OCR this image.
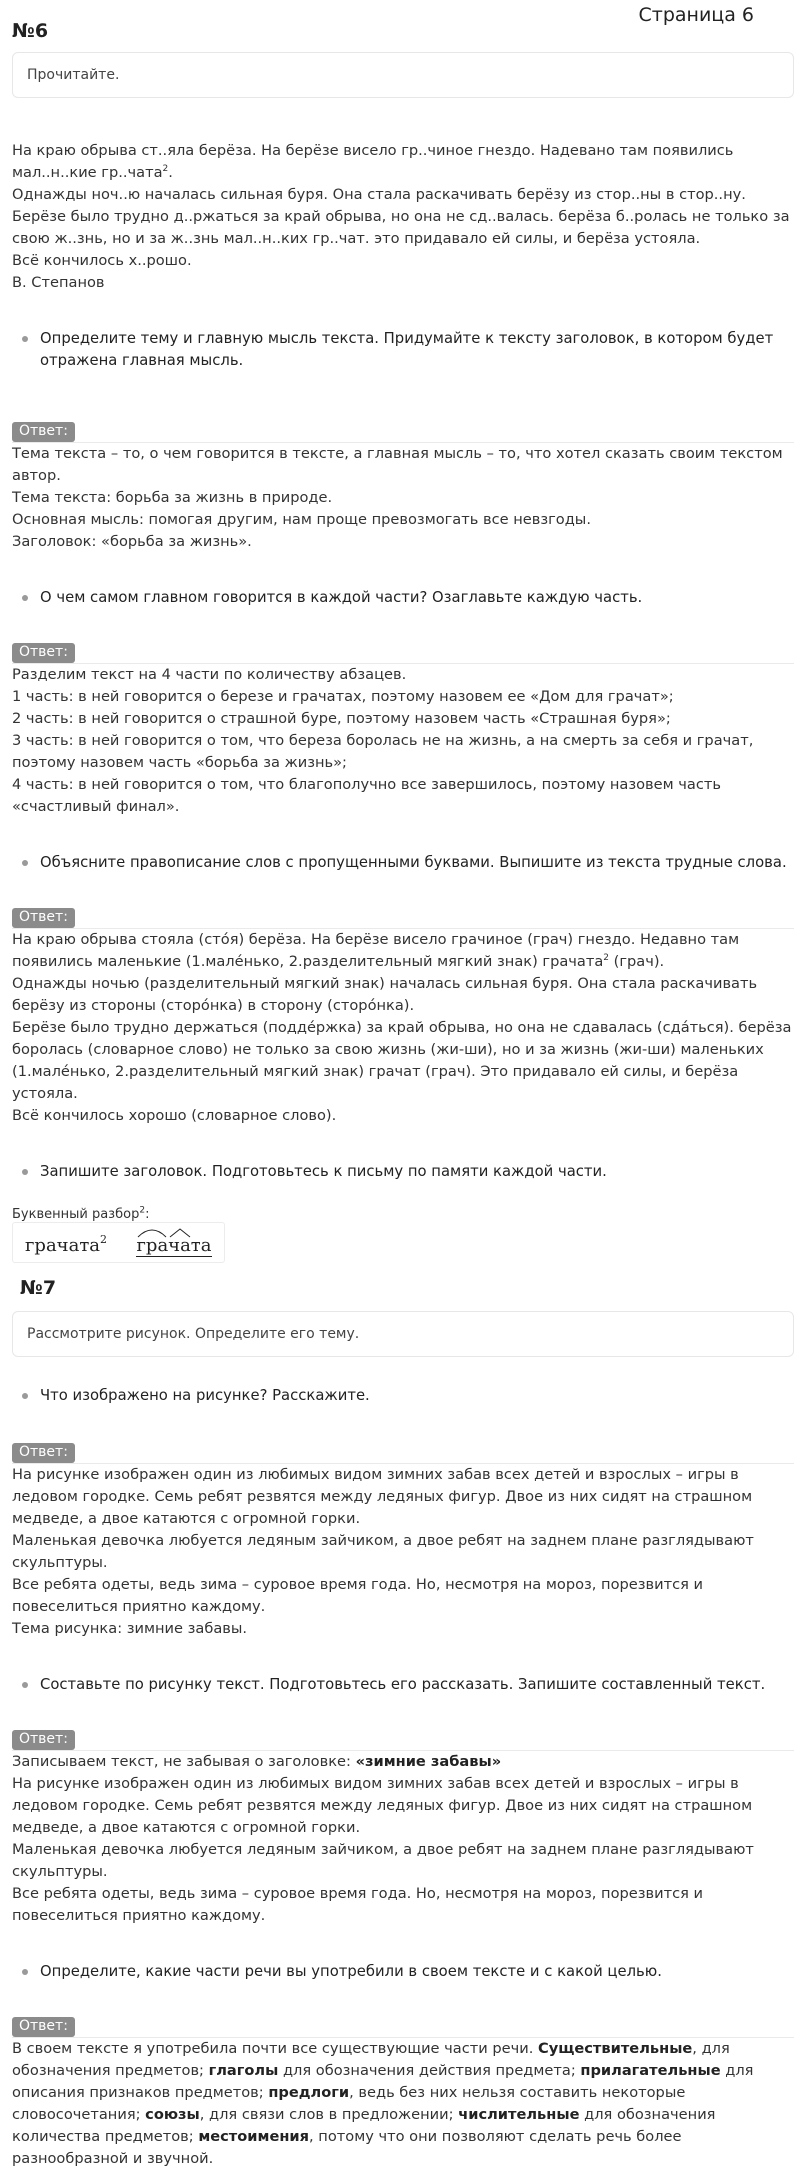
Страница 6
№6
Прочитайте.

На краю обрыва ст..яла берёза. На берёзе висело гр..чиное гнездо. Надевано там появились мал..н..кие гр..чата$^2$.

Однажды ноч..ю началась сильная буря. Она стала раскачивать берёзу из стор..ны в стор..ну.

Берёзе было трудно д..ржаться за край обрыва, но она не сд..валась. берёза б..ролась не только за свою ж..знь, но и за ж..знь мал..н..ких гр..чат. это придавало ей силы, и берёза устояла.

Всё кончилось х..рошо.

В. Степанов

Определите тему и главную мысль текста. Придумайте к тексту заголовок, в котором будет отражена главная мысль.
Ответ:

Тема текста – то, о чем говорится в тексте, а главная мысль – то, что хотел сказать своим текстом автор.

Тема текста: борьба за жизнь в природе.

Основная мысль: помогая другим, нам проще превозмогать все невзгоды.

Заголовок: «борьба за жизнь».

О чем самом главном говорится в каждой части? Озаглавьте каждую часть.
Ответ:

Разделим текст на 4 части по количеству абзацев.

1 часть: в ней говорится о березе и грачатах, поэтому назовем ее «Дом для грачат»;

2 часть: в ней говорится о страшной буре, поэтому назовем часть «Страшная буря»;

3 часть: в ней говорится о том, что береза боролась не на жизнь, а на смерть за себя и грачат, поэтому назовем часть «борьба за жизнь»;

4 часть: в ней говорится о том, что благополучно все завершилось, поэтому назовем часть «счастливый финал».

Объясните правописание слов с пропущенными буквами. Выпишите из текста трудные слова.
Ответ:

На краю обрыва стояла (сто́я) берёза. На берёзе висело грачиное (грач) гнездо. Недавно там появились маленькие (1.мале́нько, 2.разделительный мягкий знак) грачата$^2$ (грач).

Однажды ночью (разделительный мягкий знак) началась сильная буря. Она стала раскачивать берёзу из стороны (сторо́нка) в сторону (сторо́нка).

Берёзе было трудно держаться (поддéржка) за край обрыва, но она не сдавалась (сдáться). берёза боролась (словарное слово) не только за свою жизнь (жи-ши), но и за жизнь (жи-ши) маленьких (1.мале́нько, 2.разделительный мягкий знак) грачат (грач). Это придавало ей силы, и берёза устояла.

Всё кончилось хорошо (словарное слово).

Запишите заголовок. Подготовьтесь к письму по памяти каждой части.
Буквенный разбор$^2$:
грачата$^2$ грачата
№7
Рассмотрите рисунок. Определите его тему.
Что изображено на рисунке? Расскажите.
Ответ:

На рисунке изображен один из любимых видом зимних забав всех детей и взрослых – игры в ледовом городке. Семь ребят резвятся между ледяных фигур. Двое из них сидят на страшном медведе, а двое катаются с огромной горки.

Маленькая девочка любуется ледяным зайчиком, а двое ребят на заднем плане разглядывают скульптуры.

Все ребята одеты, ведь зима – суровое время года. Но, несмотря на мороз, порезвится и повеселиться приятно каждому.

Тема рисунка: зимние забавы.

Составьте по рисунку текст. Подготовьтесь его рассказать. Запишите составленный текст.
Ответ:

Записываем текст, не забывая о заголовке: «зимние забавы»

На рисунке изображен один из любимых видом зимних забав всех детей и взрослых – игры в ледовом городке. Семь ребят резвятся между ледяных фигур. Двое из них сидят на страшном медведе, а двое катаются с огромной горки.

Маленькая девочка любуется ледяным зайчиком, а двое ребят на заднем плане разглядывают скульптуры.

Все ребята одеты, ведь зима – суровое время года. Но, несмотря на мороз, порезвится и повеселиться приятно каждому.

Определите, какие части речи вы употребили в своем тексте и с какой целью.
Ответ:

В своем тексте я употребила почти все существующие части речи. Существительные, для обозначения предметов; глаголы для обозначения действия предмета; прилагательные для описания признаков предметов; предлоги, ведь без них нельзя составить некоторые словосочетания; союзы, для связи слов в предложении; числительные для обозначения количества предметов; местоимения, потому что они позволяют сделать речь более разнообразной и звучной.
